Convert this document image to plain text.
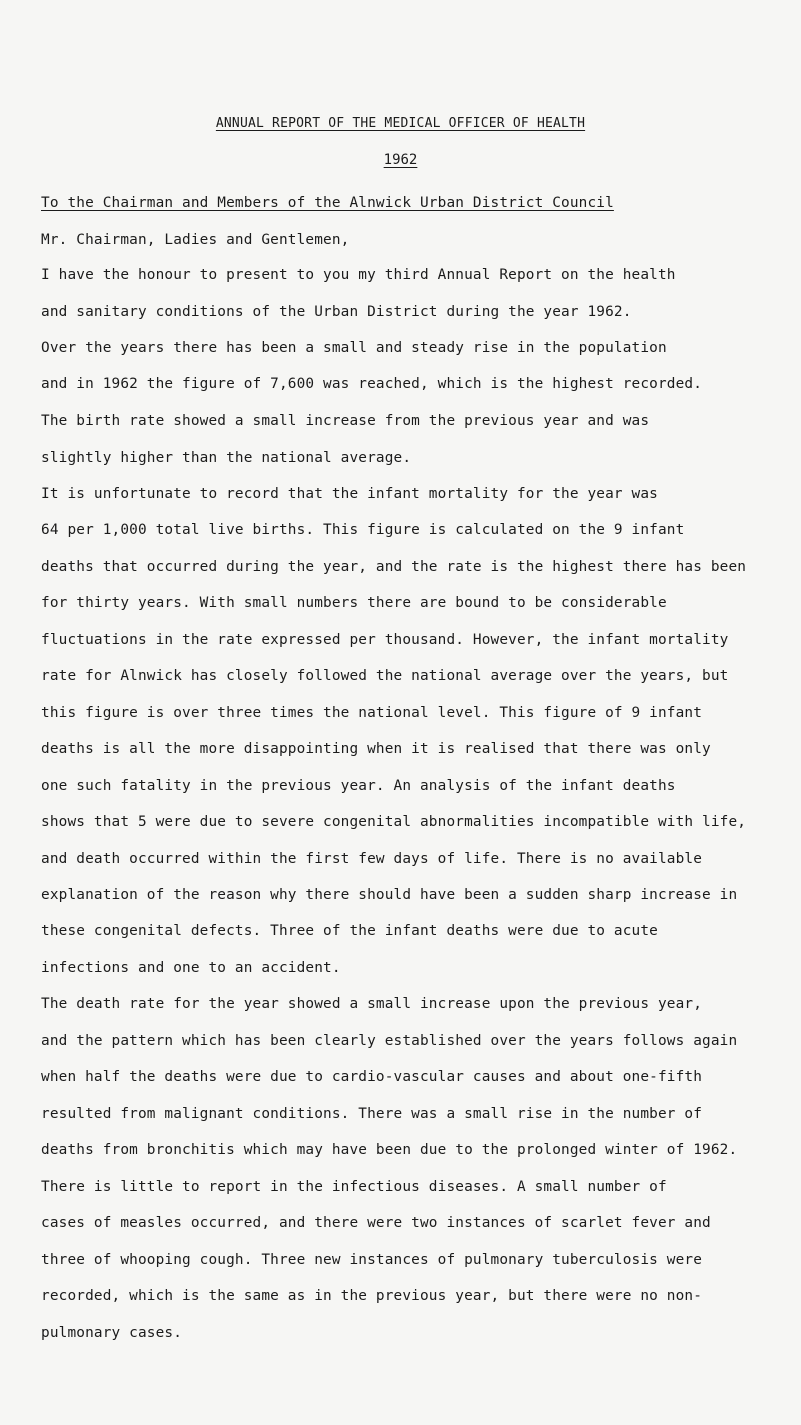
ANNUAL REPORT OF THE MEDICAL OFFICER OF HEALTH
1962
To the Chairman and Members of the Alnwick Urban District Council
Mr. Chairman, Ladies and Gentlemen,
I have the honour to present to you my third Annual Report on the health
and sanitary conditions of the Urban District during the year 1962.
Over the years there has been a small and steady rise in the population
and in 1962 the figure of 7,600 was reached, which is the highest recorded.
The birth rate showed a small increase from the previous year and was
slightly higher than the national average.
It is unfortunate to record that the infant mortality for the year was
64 per 1,000 total live births. This figure is calculated on the 9 infant
deaths that occurred during the year, and the rate is the highest there has been
for thirty years. With small numbers there are bound to be considerable
fluctuations in the rate expressed per thousand. However, the infant mortality
rate for Alnwick has closely followed the national average over the years, but
this figure is over three times the national level. This figure of 9 infant
deaths is all the more disappointing when it is realised that there was only
one such fatality in the previous year. An analysis of the infant deaths
shows that 5 were due to severe congenital abnormalities incompatible with life,
and death occurred within the first few days of life. There is no available
explanation of the reason why there should have been a sudden sharp increase in
these congenital defects. Three of the infant deaths were due to acute
infections and one to an accident.
The death rate for the year showed a small increase upon the previous year,
and the pattern which has been clearly established over the years follows again
when half the deaths were due to cardio-vascular causes and about one-fifth
resulted from malignant conditions. There was a small rise in the number of
deaths from bronchitis which may have been due to the prolonged winter of 1962.
There is little to report in the infectious diseases. A small number of
cases of measles occurred, and there were two instances of scarlet fever and
three of whooping cough. Three new instances of pulmonary tuberculosis were
recorded, which is the same as in the previous year, but there were no non-
pulmonary cases.
